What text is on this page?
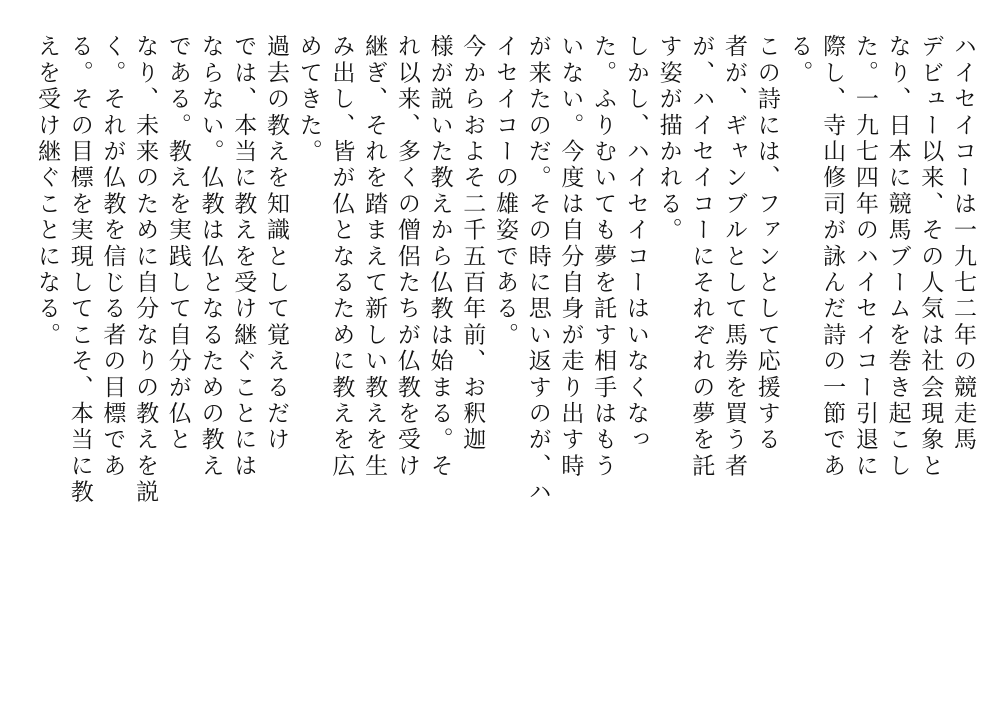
ハイセイコーは一九七二年の競走馬
デビュー以来、その人気は社会現象と
なり、日本に競馬ブームを巻き起こし
た。一九七四年のハイセイコー引退に
際し、寺山修司が詠んだ詩の一節であ
る。
この詩には、ファンとして応援する
者が、ギャンブルとして馬券を買う者
が、ハイセイコーにそれぞれの夢を託
す姿が描かれる。
しかし、ハイセイコーはいなくなっ
た。ふりむいても夢を託す相手はもう
いない。今度は自分自身が走り出す時
が来たのだ。その時に思い返すのが、ハ
イセイコーの雄姿である。
今からおよそ二千五百年前、お釈迦
様が説いた教えから仏教は始まる。そ
れ以来、多くの僧侶たちが仏教を受け
継ぎ、それを踏まえて新しい教えを生
み出し、皆が仏となるために教えを広
めてきた。
過去の教えを知識として覚えるだけ
では、本当に教えを受け継ぐことには
ならない。仏教は仏となるための教え
である。教えを実践して自分が仏と
なり、未来のために自分なりの教えを説
く。それが仏教を信じる者の目標であ
る。その目標を実現してこそ、本当に教
えを受け継ぐことになる。
